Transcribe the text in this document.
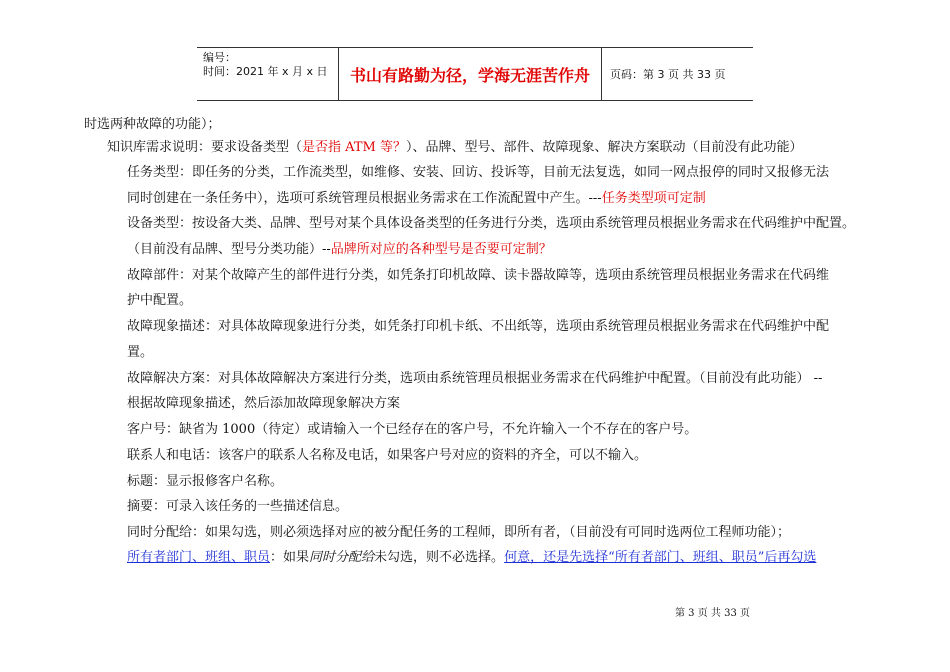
编号：
时间：2021 年 x 月 x 日	书山有路勤为径，学海无涯苦作舟	页码：第 3 页 共 33 页
时选两种故障的功能）；
知识库需求说明：要求设备类型（是否指 ATM 等？）、品牌、型号、部件、故障现象、解决方案联动（目前没有此功能）
任务类型：即任务的分类，工作流类型，如维修、安装、回访、投诉等，目前无法复选，如同一网点报停的同时又报修无法
同时创建在一条任务中），选项可系统管理员根据业务需求在工作流配置中产生。---任务类型项可定制
设备类型：按设备大类、品牌、型号对某个具体设备类型的任务进行分类，选项由系统管理员根据业务需求在代码维护中配置。
（目前没有品牌、型号分类功能）--品牌所对应的各种型号是否要可定制？
故障部件：对某个故障产生的部件进行分类，如凭条打印机故障、读卡器故障等，选项由系统管理员根据业务需求在代码维
护中配置。
故障现象描述：对具体故障现象进行分类，如凭条打印机卡纸、不出纸等，选项由系统管理员根据业务需求在代码维护中配
置。
故障解决方案：对具体故障解决方案进行分类，选项由系统管理员根据业务需求在代码维护中配置。（目前没有此功能） --
根据故障现象描述，然后添加故障现象解决方案
客户号：缺省为 1000（待定）或请输入一个已经存在的客户号，不允许输入一个不存在的客户号。
联系人和电话：该客户的联系人名称及电话，如果客户号对应的资料的齐全，可以不输入。
标题：显示报修客户名称。
摘要：可录入该任务的一些描述信息。
同时分配给：如果勾选，则必须选择对应的被分配任务的工程师，即所有者，（目前没有可同时选两位工程师功能）；
所有者部门、班组、职员：如果同时分配给未勾选，则不必选择。何意，还是先选择“所有者部门、班组、职员”后再勾选
第 3 页 共 33 页
